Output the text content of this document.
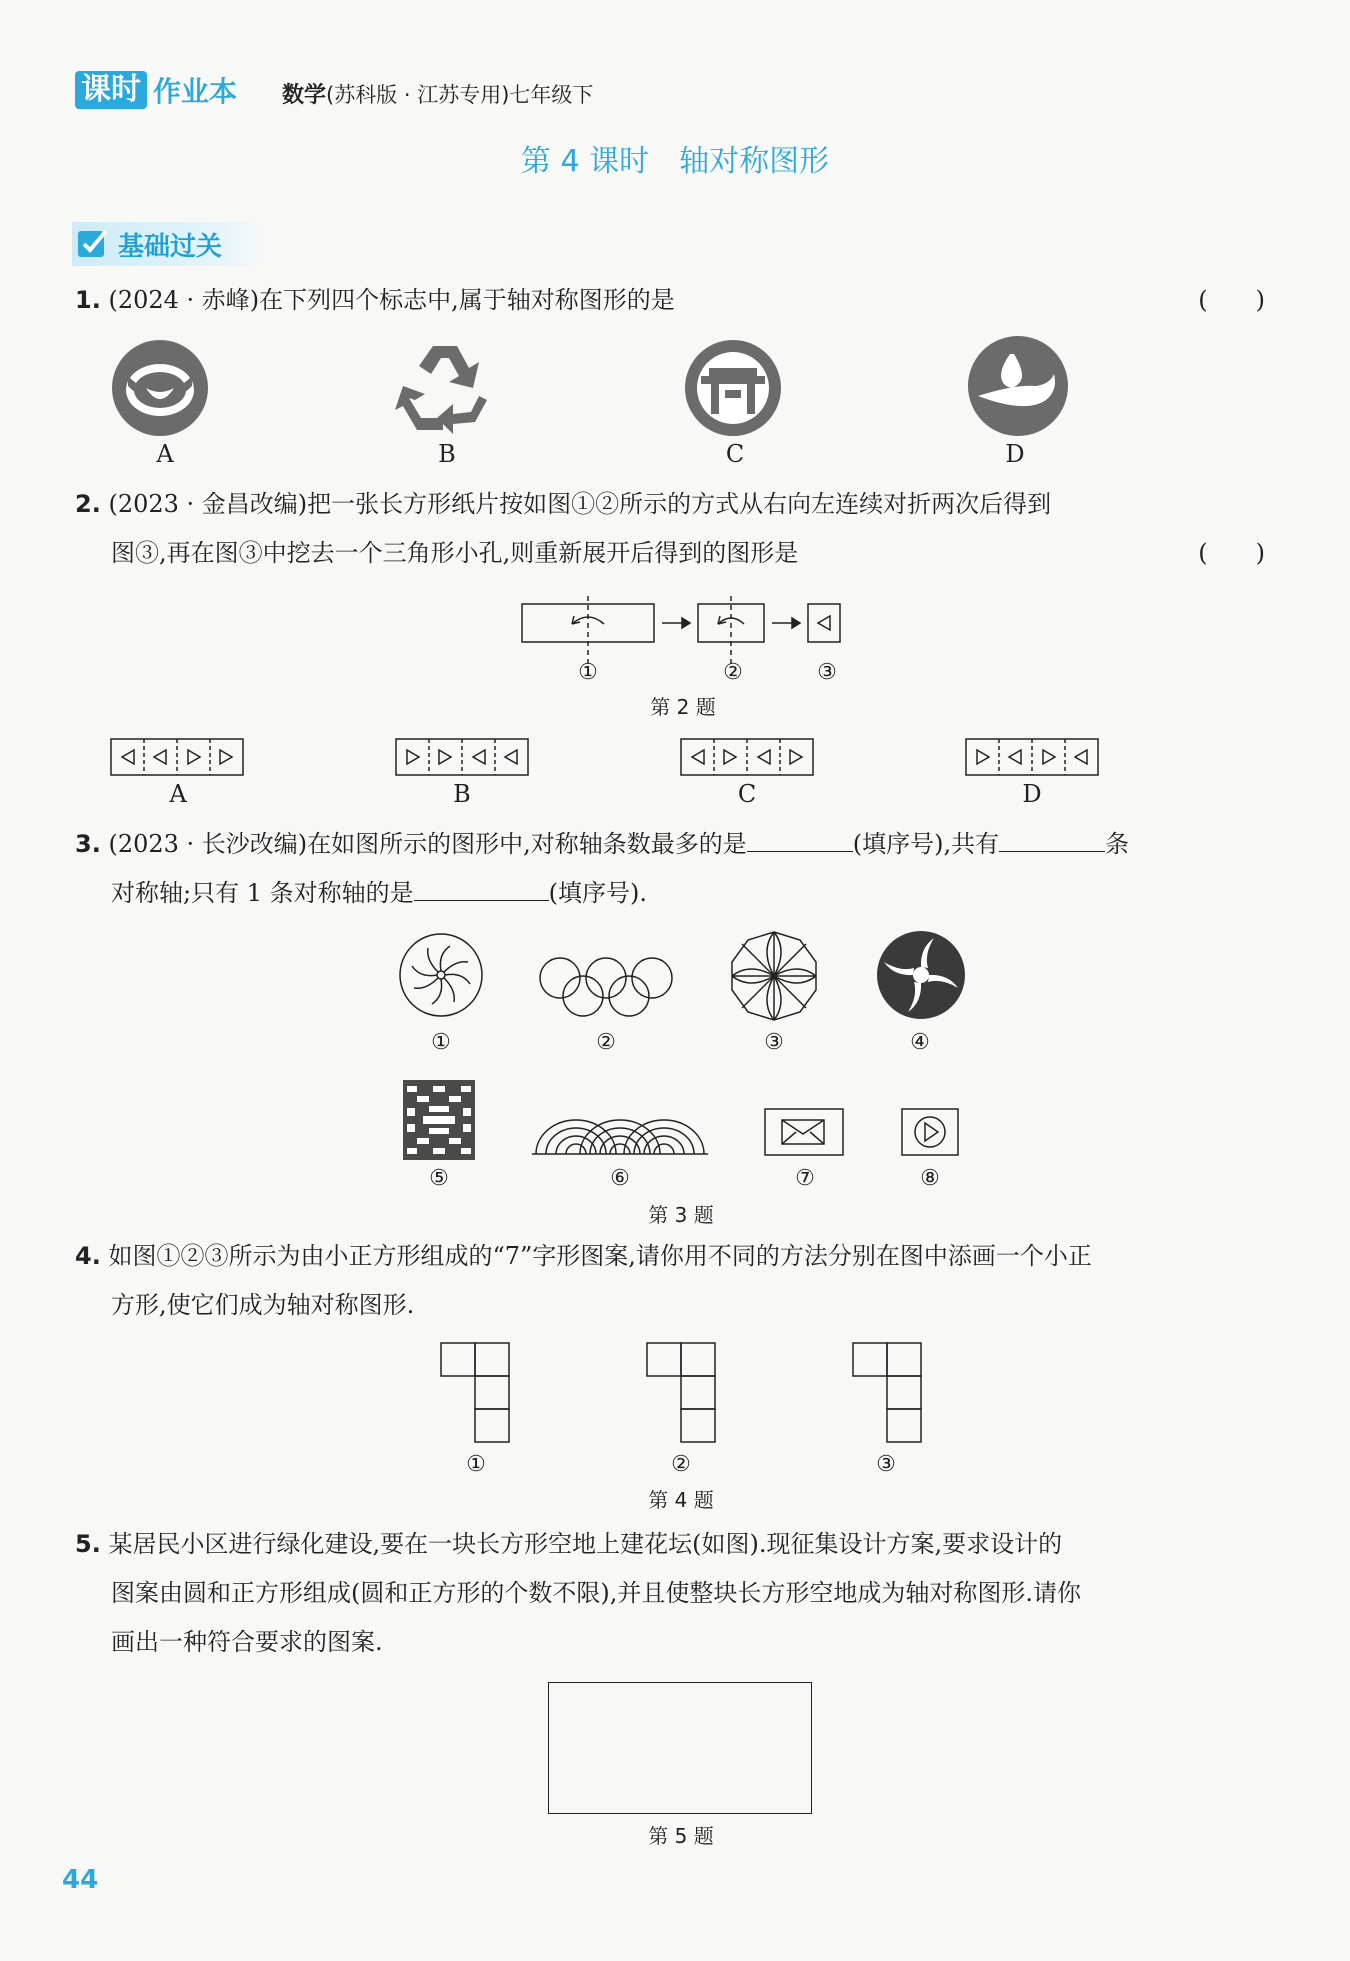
课时 作业本 数学(苏科版 · 江苏专用)七年级下
第 4 课时　轴对称图形
基础过关
1. (2024 · 赤峰)在下列四个标志中,属于轴对称图形的是	(　　)
A	B	C	D
2. (2023 · 金昌改编)把一张长方形纸片按如图①②所示的方式从右向左连续对折两次后得到
图③,再在图③中挖去一个三角形小孔,则重新展开后得到的图形是	(　　)
①	②	③
第 2 题
A	B	C	D
3. (2023 · 长沙改编)在如图所示的图形中,对称轴条数最多的是	(填序号),共有	条
对称轴;只有 1 条对称轴的是	(填序号).
①	②	③	④
⑤	⑥	⑦	⑧
第 3 题
4. 如图①②③所示为由小正方形组成的“7”字形图案,请你用不同的方法分别在图中添画一个小正
方形,使它们成为轴对称图形.
①	②	③
第 4 题
5. 某居民小区进行绿化建设,要在一块长方形空地上建花坛(如图).现征集设计方案,要求设计的
图案由圆和正方形组成(圆和正方形的个数不限),并且使整块长方形空地成为轴对称图形.请你
画出一种符合要求的图案.
第 5 题
44
